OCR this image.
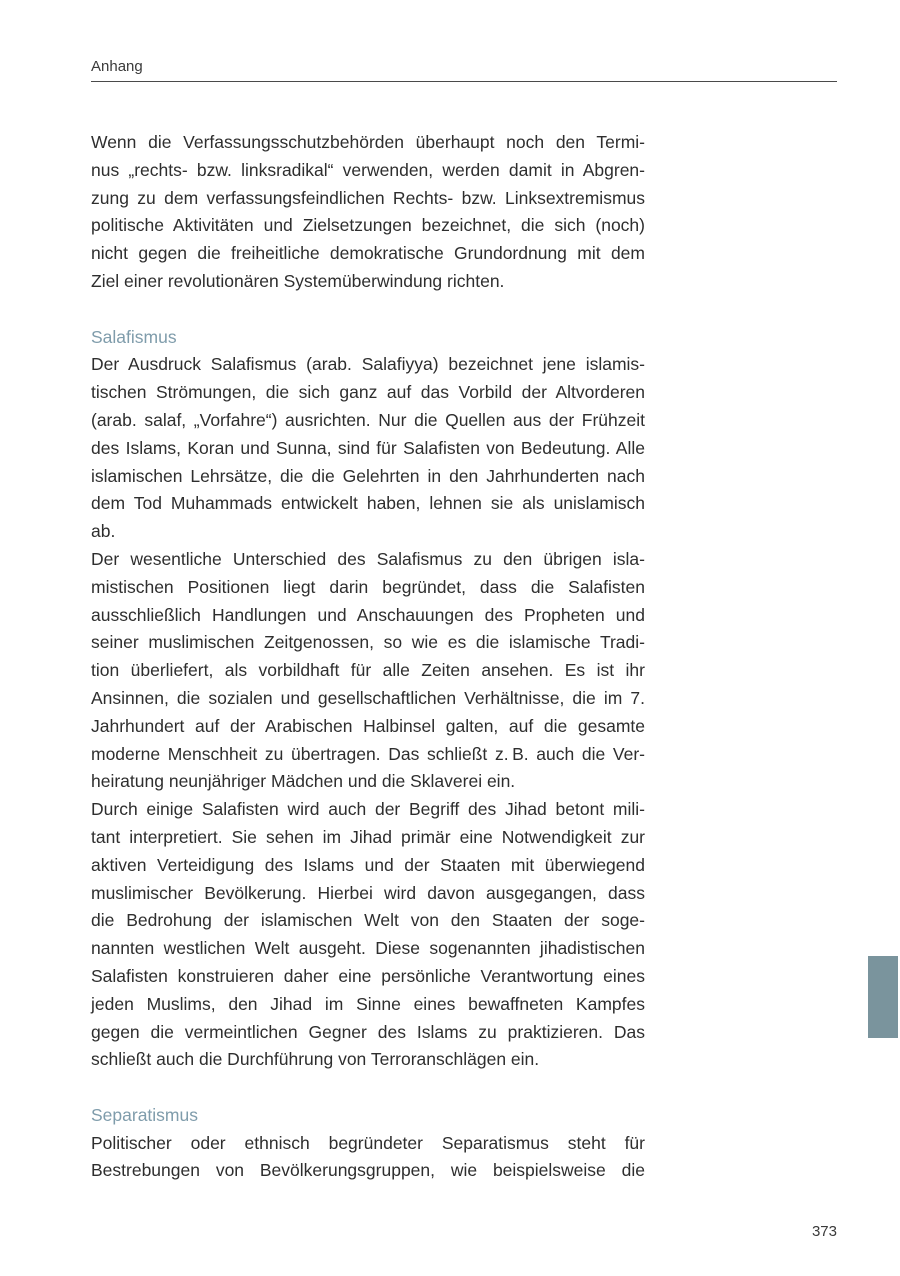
Anhang
Wenn die Verfassungsschutzbehörden überhaupt noch den Termi-
nus „rechts- bzw. linksradikal“ verwenden, werden damit in Abgren-
zung zu dem verfassungsfeindlichen Rechts- bzw. Linksextremismus
politische Aktivitäten und Zielsetzungen bezeichnet, die sich (noch)
nicht gegen die freiheitliche demokratische Grundordnung mit dem
Ziel einer revolutionären Systemüberwindung richten.
Salafismus
Der Ausdruck Salafismus (arab. Salafiyya) bezeichnet jene islamis-
tischen Strömungen, die sich ganz auf das Vorbild der Altvorderen
(arab. salaf, „Vorfahre“) ausrichten. Nur die Quellen aus der Frühzeit
des Islams, Koran und Sunna, sind für Salafisten von Bedeutung. Alle
islamischen Lehrsätze, die die Gelehrten in den Jahrhunderten nach
dem Tod Muhammads entwickelt haben, lehnen sie als unislamisch
ab.
Der wesentliche Unterschied des Salafismus zu den übrigen isla-
mistischen Positionen liegt darin begründet, dass die Salafisten
ausschließlich Handlungen und Anschauungen des Propheten und
seiner muslimischen Zeitgenossen, so wie es die islamische Tradi-
tion überliefert, als vorbildhaft für alle Zeiten ansehen. Es ist ihr
Ansinnen, die sozialen und gesellschaftlichen Verhältnisse, die im 7.
Jahrhundert auf der Arabischen Halbinsel galten, auf die gesamte
moderne Menschheit zu übertragen. Das schließt z. B. auch die Ver-
heiratung neunjähriger Mädchen und die Sklaverei ein.
Durch einige Salafisten wird auch der Begriff des Jihad betont mili-
tant interpretiert. Sie sehen im Jihad primär eine Notwendigkeit zur
aktiven Verteidigung des Islams und der Staaten mit überwiegend
muslimischer Bevölkerung. Hierbei wird davon ausgegangen, dass
die Bedrohung der islamischen Welt von den Staaten der soge-
nannten westlichen Welt ausgeht. Diese sogenannten jihadistischen
Salafisten konstruieren daher eine persönliche Verantwortung eines
jeden Muslims, den Jihad im Sinne eines bewaffneten Kampfes
gegen die vermeintlichen Gegner des Islams zu praktizieren. Das
schließt auch die Durchführung von Terroranschlägen ein.
Separatismus
Politischer oder ethnisch begründeter Separatismus steht für
Bestrebungen von Bevölkerungsgruppen, wie beispielsweise die
373
